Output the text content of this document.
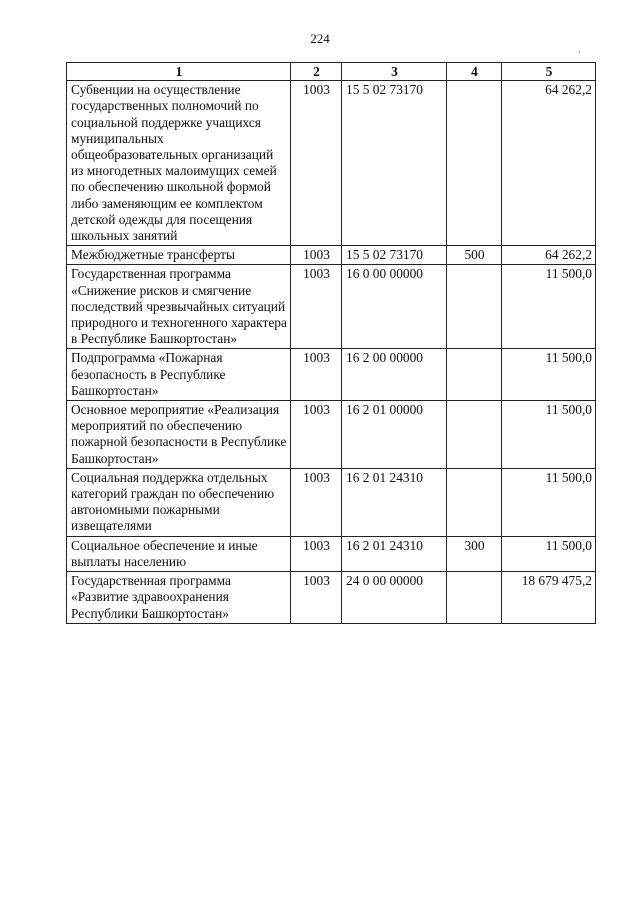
224
‚
1	2	3	4	5
Субвенции на осуществление государственных полномочий по социальной поддержке учащихся муниципальных общеобразовательных организаций из многодетных малоимущих семей по обеспечению школьной формой либо заменяющим ее комплектом детской одежды для посещения школьных занятий	1003	15 5 02 73170		64 262,2
Межбюджетные трансферты	1003	15 5 02 73170	500	64 262,2
Государственная программа «Снижение рисков и смягчение последствий чрезвычайных ситуаций природного и техногенного характера в Республике Башкортостан»	1003	16 0 00 00000		11 500,0
Подпрограмма «Пожарная безопасность в Республике Башкортостан»	1003	16 2 00 00000		11 500,0
Основное мероприятие «Реализация мероприятий по обеспечению пожарной безопасности в Республике Башкортостан»	1003	16 2 01 00000		11 500,0
Социальная поддержка отдельных категорий граждан по обеспечению автономными пожарными извещателями	1003	16 2 01 24310		11 500,0
Социальное обеспечение и иные выплаты населению	1003	16 2 01 24310	300	11 500,0
Государственная программа «Развитие здравоохранения Республики Башкортостан»	1003	24 0 00 00000		18 679 475,2
